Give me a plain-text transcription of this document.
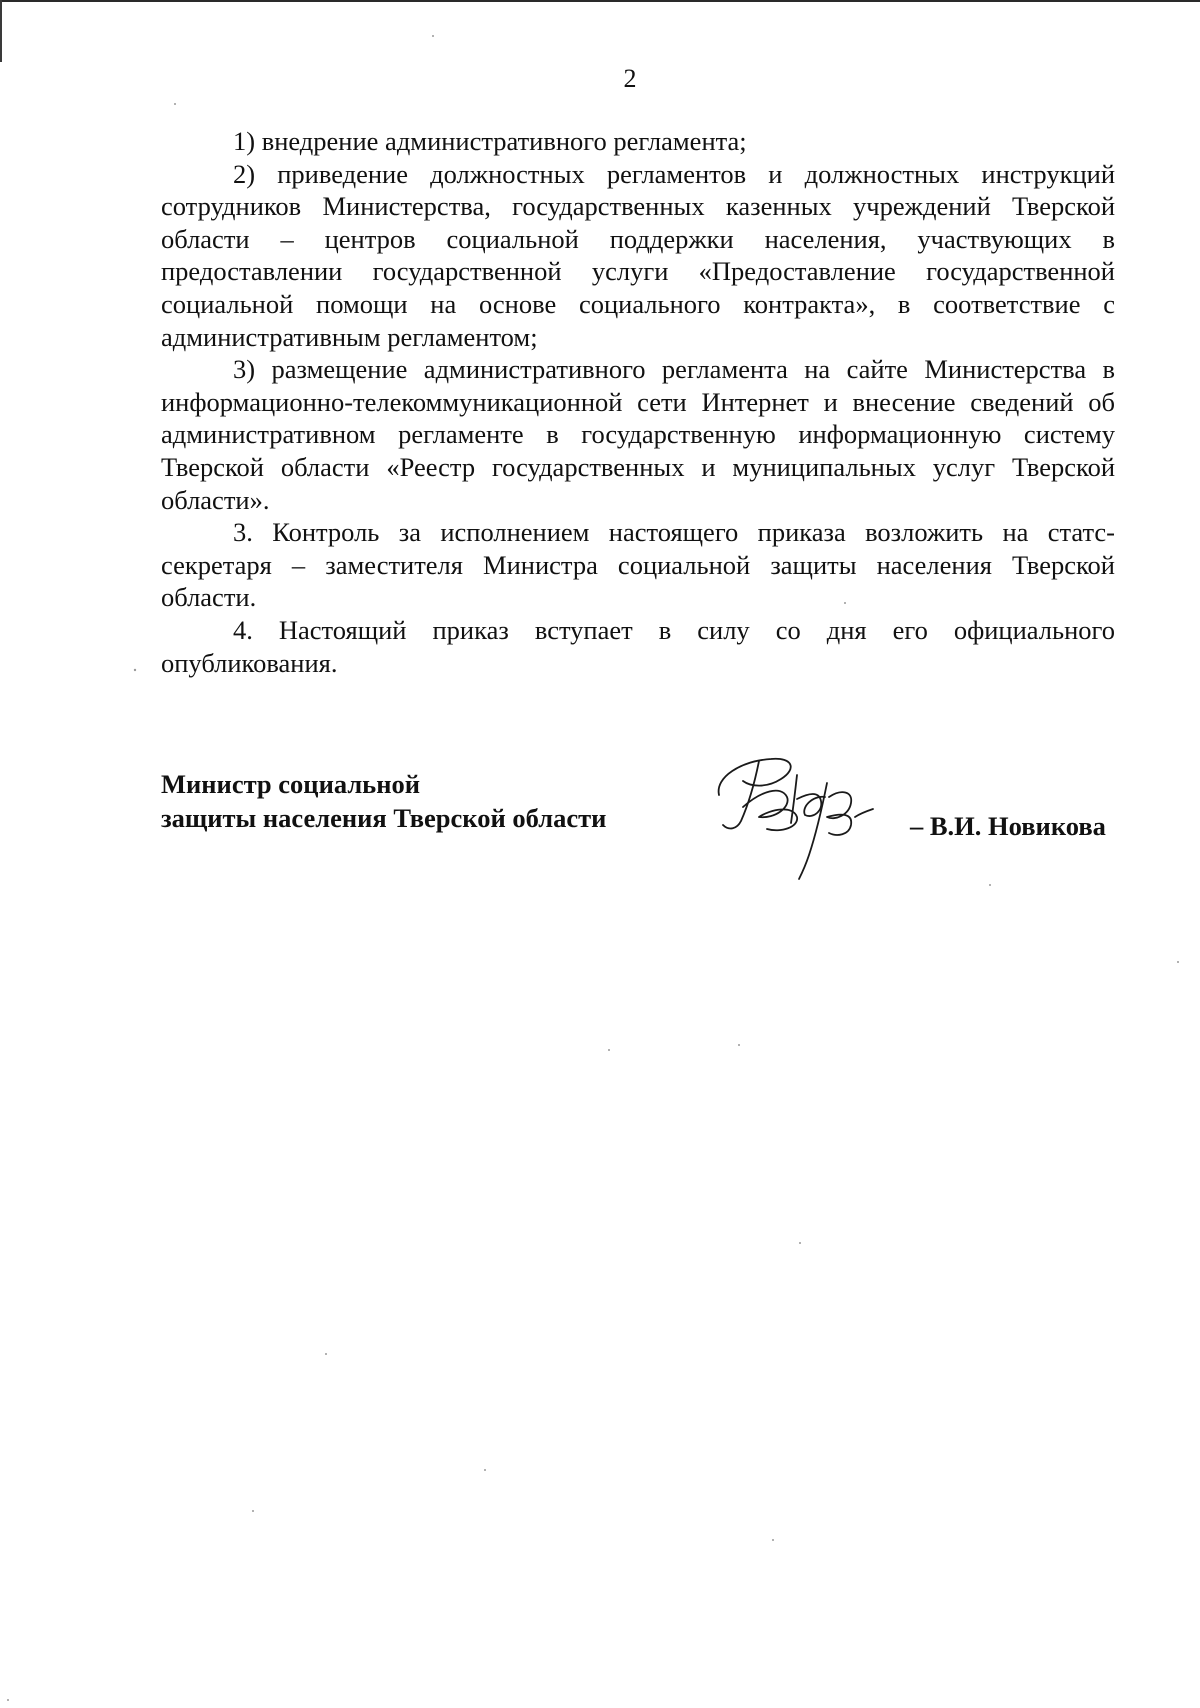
2

1) внедрение административного регламента;

2) приведение должностных регламентов и должностных инструкций сотрудников Министерства, государственных казенных учреждений Тверской области – центров социальной поддержки населения, участвующих в предоставлении государственной услуги «Предоставление государственной социальной помощи на основе социального контракта», в соответствие с административным регламентом;

3) размещение административного регламента на сайте Министерства в информационно-телекоммуникационной сети Интернет и внесение сведений об административном регламенте в государственную информационную систему Тверской области «Реестр государственных и муниципальных услуг Тверской области».

3. Контроль за исполнением настоящего приказа возложить на статс-секретаря – заместителя Министра социальной защиты населения Тверской области.

4. Настоящий приказ вступает в силу со дня его официального опубликования.

Министр социальной
защиты населения Тверской области	– В.И. Новикова
